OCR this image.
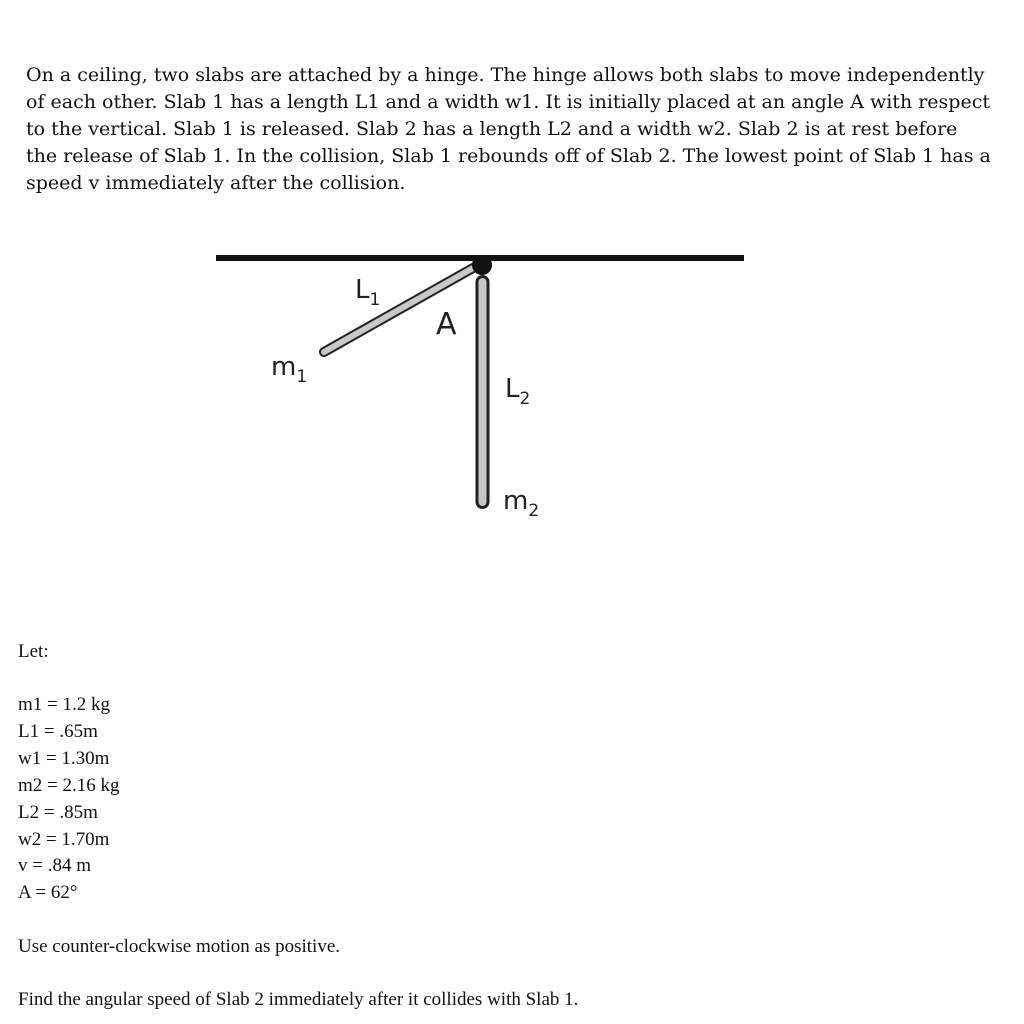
On a ceiling, two slabs are attached by a hinge. The hinge allows both slabs to move independently of each other. Slab 1 has a length L1 and a width w1. It is initially placed at an angle A with respect to the vertical. Slab 1 is released. Slab 2 has a length L2 and a width w2. Slab 2 is at rest before the release of Slab 1. In the collision, Slab 1 rebounds off of Slab 2. The lowest point of Slab 1 has a speed v immediately after the collision.

$L_1$
A
$m_1$	$L_2$
$m_2$

Let:

m1 = 1.2 kg
L1 = .65m
w1 = 1.30m
m2 = 2.16 kg
L2 = .85m
w2 = 1.70m
v = .84 m
A = 62°

Use counter-clockwise motion as positive.

Find the angular speed of Slab 2 immediately after it collides with Slab 1.
